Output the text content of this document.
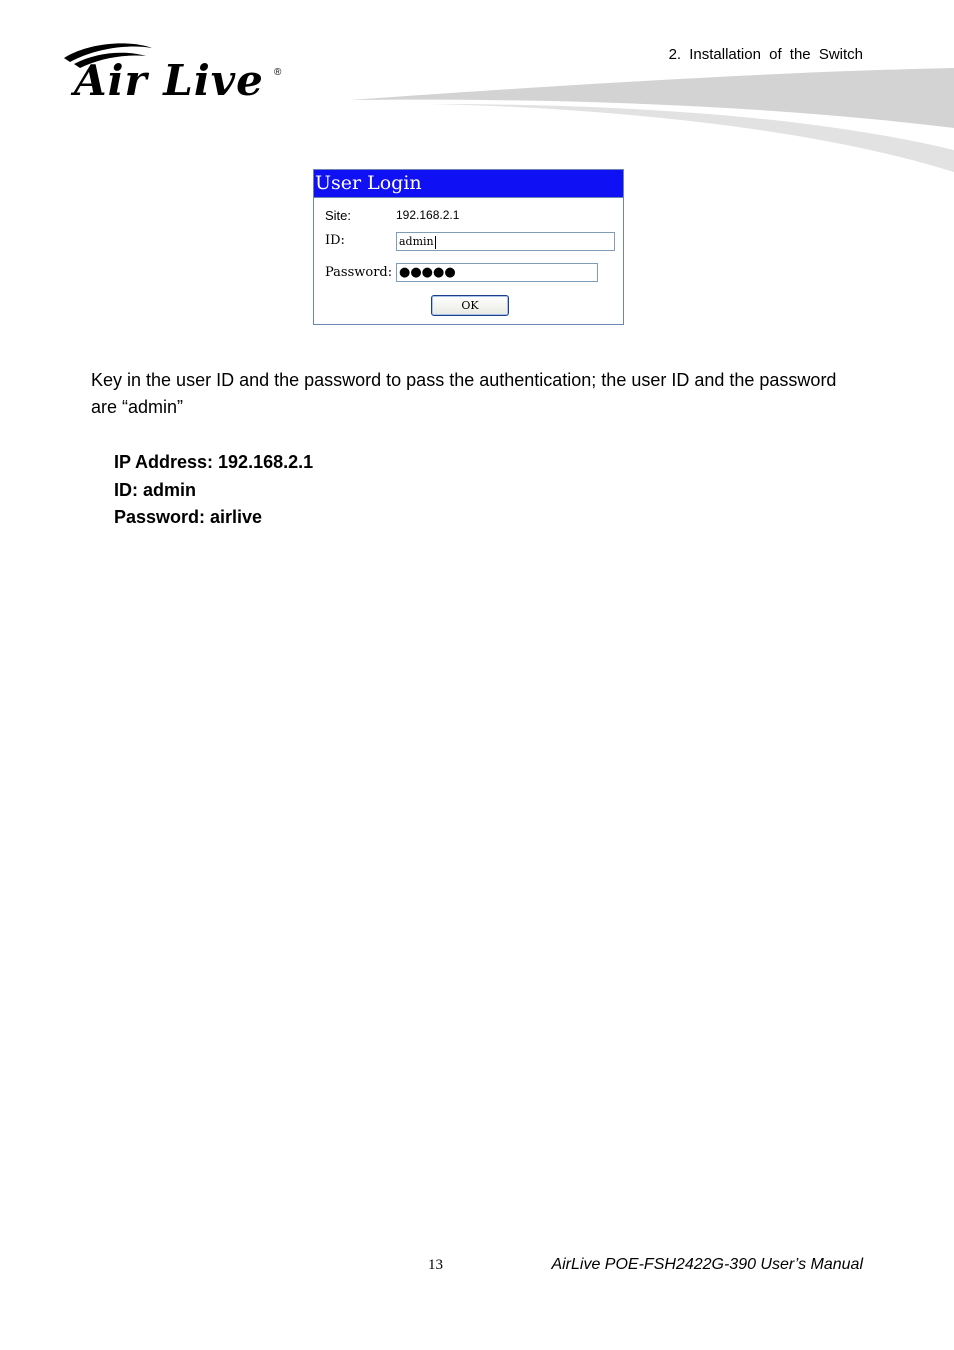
Air Live ®
2. Installation of the Switch
User Login
Site:	192.168.2.1
ID:	admin
Password: ●●●●●
OK
Key in the user ID and the password to pass the authentication; the user ID and the password are “admin”
IP Address: 192.168.2.1
ID: admin
Password: airlive
13	AirLive POE-FSH2422G-390 User’s Manual
